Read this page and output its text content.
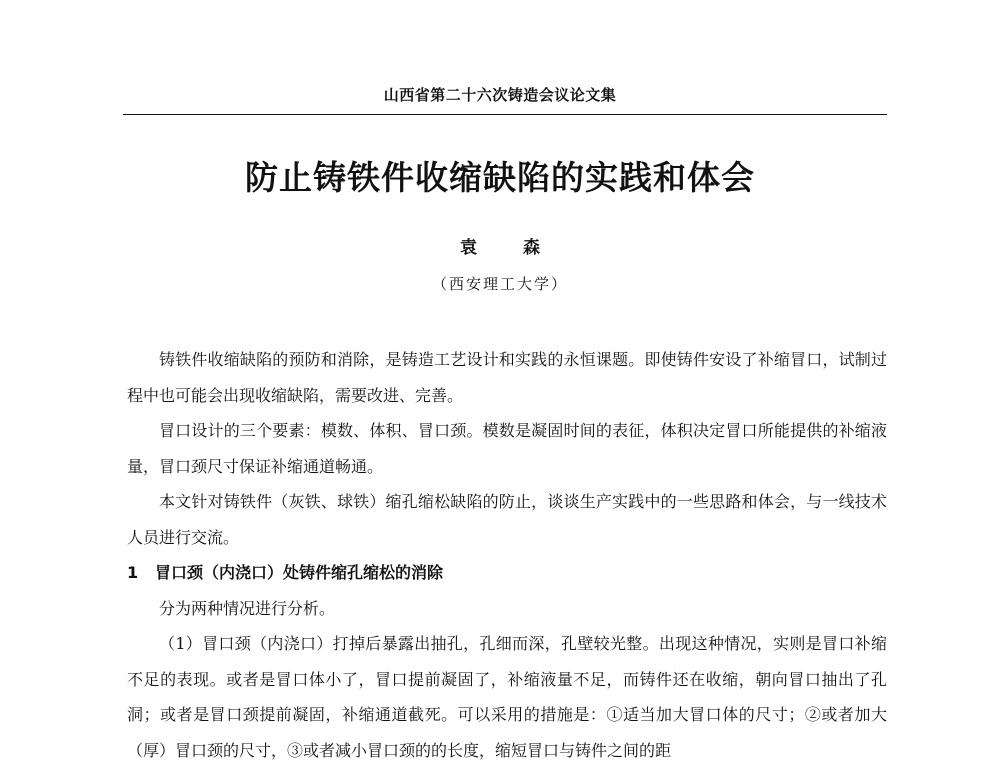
山西省第二十六次铸造会议论文集
防止铸铁件收缩缺陷的实践和体会
袁 森
（西安理工大学）

铸铁件收缩缺陷的预防和消除，是铸造工艺设计和实践的永恒课题。即使铸件安设了补缩冒口，试制过程中也可能会出现收缩缺陷，需要改进、完善。

冒口设计的三个要素：模数、体积、冒口颈。模数是凝固时间的表征，体积决定冒口所能提供的补缩液量，冒口颈尺寸保证补缩通道畅通。

本文针对铸铁件（灰铁、球铁）缩孔缩松缺陷的防止，谈谈生产实践中的一些思路和体会，与一线技术人员进行交流。

1 冒口颈（内浇口）处铸件缩孔缩松的消除

分为两种情况进行分析。

（1）冒口颈（内浇口）打掉后暴露出抽孔，孔细而深，孔壁较光整。出现这种情况，实则是冒口补缩不足的表现。或者是冒口体小了，冒口提前凝固了，补缩液量不足，而铸件还在收缩，朝向冒口抽出了孔洞；或者是冒口颈提前凝固，补缩通道截死。可以采用的措施是：①适当加大冒口体的尺寸；②或者加大（厚）冒口颈的尺寸，③或者减小冒口颈的的长度，缩短冒口与铸件之间的距
